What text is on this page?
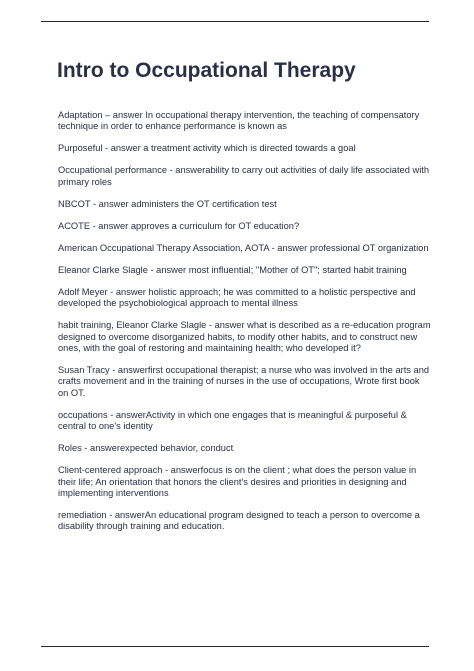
Intro to Occupational Therapy
Adaptation – answer In occupational therapy intervention, the teaching of compensatory technique in order to enhance performance is known as
Purposeful - answer a treatment activity which is directed towards a goal
Occupational performance - answerability to carry out activities of daily life associated with primary roles
NBCOT - answer administers the OT certification test
ACOTE - answer approves a curriculum for OT education?
American Occupational Therapy Association, AOTA - answer professional OT organization
Eleanor Clarke Slagle - answer most influential; "Mother of OT"; started habit training
Adolf Meyer - answer holistic approach; he was committed to a holistic perspective and developed the psychobiological approach to mental illness
habit training, Eleanor Clarke Slagle - answer what is described as a re-education program designed to overcome disorganized habits, to modify other habits, and to construct new ones, with the goal of restoring and maintaining health; who developed it?
Susan Tracy - answerfirst occupational therapist; a nurse who was involved in the arts and crafts movement and in the training of nurses in the use of occupations, Wrote first book on OT.
occupations - answerActivity in which one engages that is meaningful & purposeful & central to one's identity
Roles - answerexpected behavior, conduct
Client-centered approach - answerfocus is on the client ; what does the person value in their life; An orientation that honors the client's desires and priorities in designing and implementing interventions
remediation - answerAn educational program designed to teach a person to overcome a disability through training and education.
